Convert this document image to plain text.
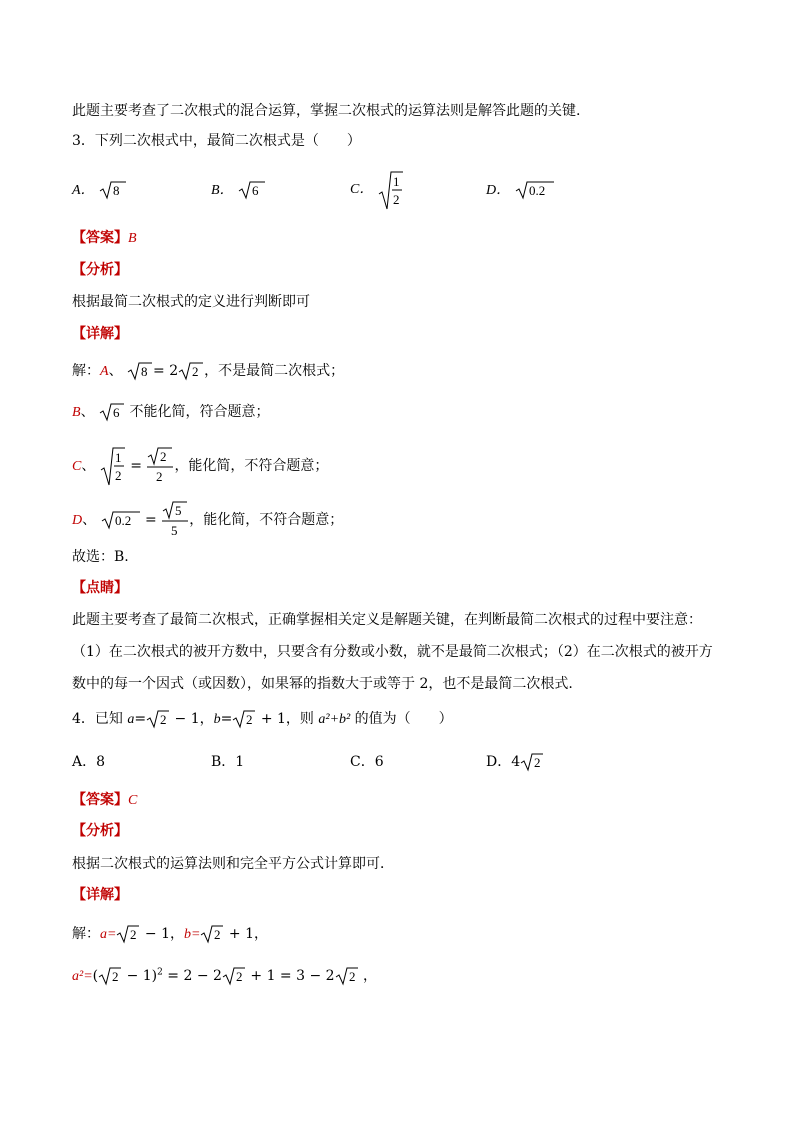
此题主要考查了二次根式的混合运算，掌握二次根式的运算法则是解答此题的关键.
3．下列二次根式中，最简二次根式是（　　）
A． 8	B． 6	C．
1
2
D． 0.2
【答案】B
【分析】
根据最简二次根式的定义进行判断即可
【详解】
解：A、 8 = 2 2 ，不是最简二次根式；
B、 6 不能化简，符合题意；
C、
1
2
=
2
2
，能化简，不符合题意；
D、 0.2 =
5
5
，能化简，不符合题意；
故选：B.
【点睛】
此题主要考查了最简二次根式，正确掌握相关定义是解题关键，在判断最简二次根式的过程中要注意：
（1）在二次根式的被开方数中，只要含有分数或小数，就不是最简二次根式；（2）在二次根式的被开方
数中的每一个因式（或因数），如果幂的指数大于或等于 2，也不是最简二次根式.
4．已知 a= 2 − 1，b= 2 + 1，则 a²+b² 的值为（　　）
A．8	B．1	C．6	D．4 2
【答案】C
【分析】
根据二次根式的运算法则和完全平方公式计算即可．
【详解】
解：a= 2 − 1，b= 2 + 1，
a²=( 2 − 1)$^2$ = 2 − 2 2 + 1 = 3 − 2 2 ，
